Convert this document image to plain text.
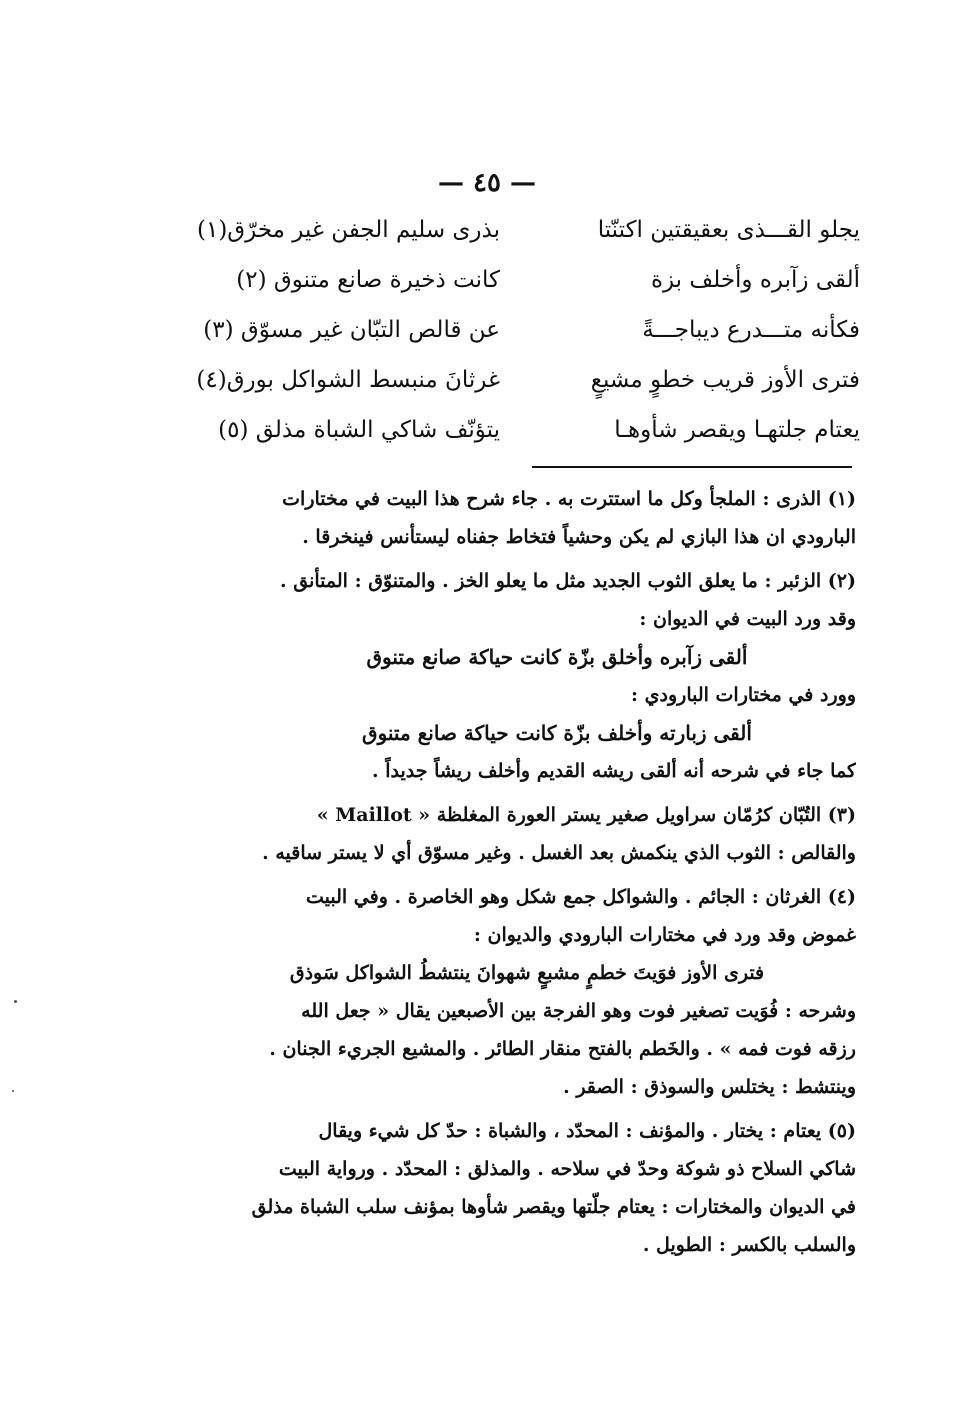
— ٤٥ —
يجلو القـــذى بعقيقتين اكتنّتا
بذرى سليم الجفن غير مخرّق(١)
ألقى زآبره وأخلف بزة
كانت ذخيرة صانع متنوق (٢)
فكأنه متـــدرع ديباجـــةً
عن قالص التبّان غير مسوّق (٣)
فترى الأوز قريب خطوٍ مشيعٍ
غرثانَ منبسط الشواكل بورق(٤)
يعتام جلتهـا ويقصر شأوهـا
يتؤنّف شاكي الشباة مذلق (٥)
(١) الذرى : الملجأ وكل ما استترت به . جاء شرح هذا البيت في مختارات
البارودي ان هذا البازي لم يكن وحشياً فتخاط جفناه ليستأنس فينخرقا .
(٢) الزئبر : ما يعلق الثوب الجديد مثل ما يعلو الخز . والمتنوّق : المتأنق .
وقد ورد البيت في الديوان :
ألقى زآبره وأخلق بزّة كانت حياكة صانع متنوق
وورد في مختارات البارودي :
ألقى زبارته وأخلف بزّة كانت حياكة صانع متنوق
كما جاء في شرحه أنه ألقى ريشه القديم وأخلف ريشاً جديداً .
(٣) التُبّان كرُمّان سراويل صغير يستر العورة المغلظة « Maillot »
والقالص : الثوب الذي ينكمش بعد الغسل . وغير مسوّق أي لا يستر ساقيه .
(٤) الغرثان : الجائم . والشواكل جمع شكل وهو الخاصرة . وفي البيت
غموض وقد ورد في مختارات البارودي والديوان :
فترى الأوز فوَيتَ خطمٍ مشبعٍ شهوانَ ينتشطُ الشواكل سَوذق
وشرحه : فُوَيت تصغير فوت وهو الفرجة بين الأصبعين يقال « جعل الله
رزقه فوت فمه » . والخَطم بالفتح منقار الطائر . والمشيع الجريء الجنان .
وينتشط : يختلس والسوذق : الصقر .
(٥) يعتام : يختار . والمؤنف : المحدّد ، والشباة : حدّ كل شيء ويقال
شاكي السلاح ذو شوكة وحدّ في سلاحه . والمذلق : المحدّد . ورواية البيت
في الديوان والمختارات : يعتام جلّتها ويقصر شأوها بمؤنف سلب الشباة مذلق
والسلب بالكسر : الطويل .
